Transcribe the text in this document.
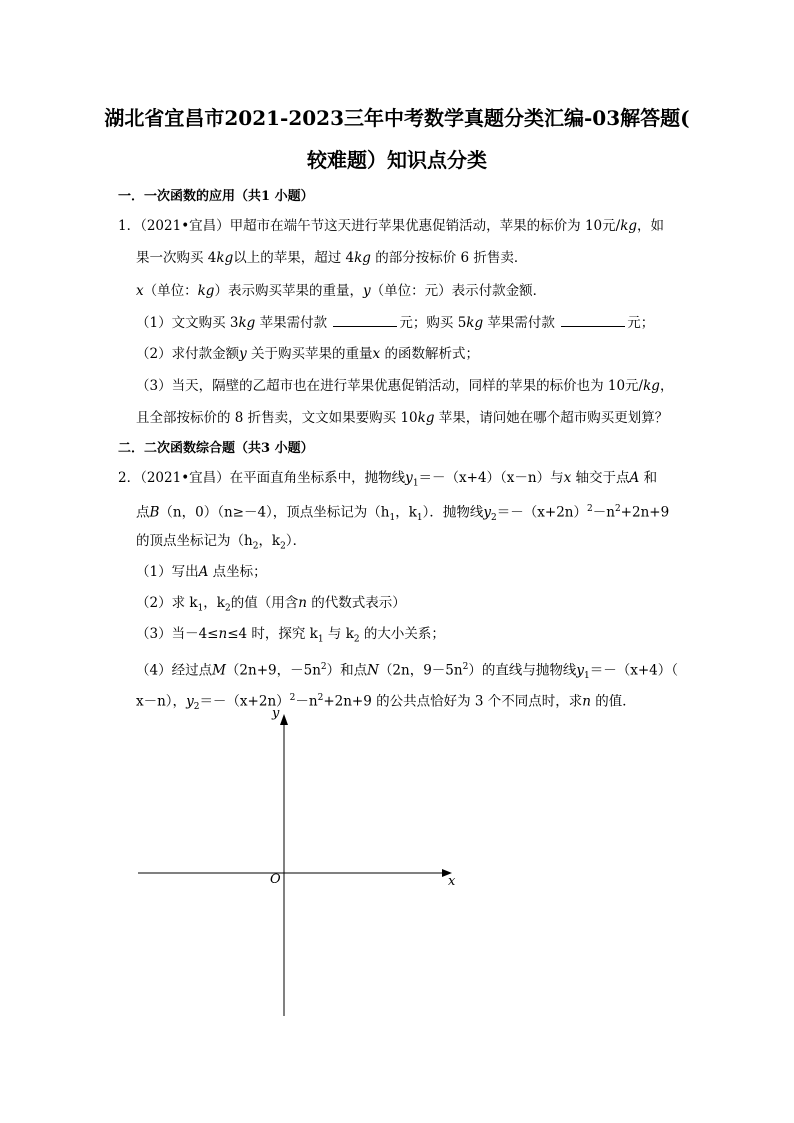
湖北省宜昌市2021-2023三年中考数学真题分类汇编-03解答题(
较难题）知识点分类
一．一次函数的应用（共1 小题）
1．（2021•宜昌）甲超市在端午节这天进行苹果优惠促销活动，苹果的标价为 10元/kg，如
果一次购买 4kg以上的苹果，超过 4kg 的部分按标价 6 折售卖．
x（单位：kg）表示购买苹果的重量，y（单位：元）表示付款金额．
（1）文文购买 3kg 苹果需付款	元；购买 5kg 苹果需付款	元；
（2）求付款金额y 关于购买苹果的重量x 的函数解析式；
（3）当天，隔壁的乙超市也在进行苹果优惠促销活动，同样的苹果的标价也为 10元/kg，
且全部按标价的 8 折售卖，文文如果要购买 10kg 苹果，请问她在哪个超市购买更划算？
二．二次函数综合题（共3 小题）
2．（2021•宜昌）在平面直角坐标系中，抛物线$y_1=-(x+4)(x-n)$与x 轴交于点A 和
点B（n，0）（n≥－4），顶点坐标记为（$h_1$，$k_1$）．抛物线$y_2=-(x+2n)^2-n^2+2n+9$
的顶点坐标记为（$h_2$，$k_2$）．
（1）写出A 点坐标；
（2）求 $k_1$，$k_2$的值（用含n 的代数式表示）
（3）当－4≤n≤4 时，探究 $k_1$ 与 $k_2$ 的大小关系；
（4）经过点M（2n+9，$-5n^2$）和点N（2n，$9-5n^2$）的直线与抛物线$y_1=-(x+4)$（
x－n），$y_2=-(x+2n)^2-n^2+2n+9$ 的公共点恰好为 3 个不同点时，求n 的值．
x
y
O
